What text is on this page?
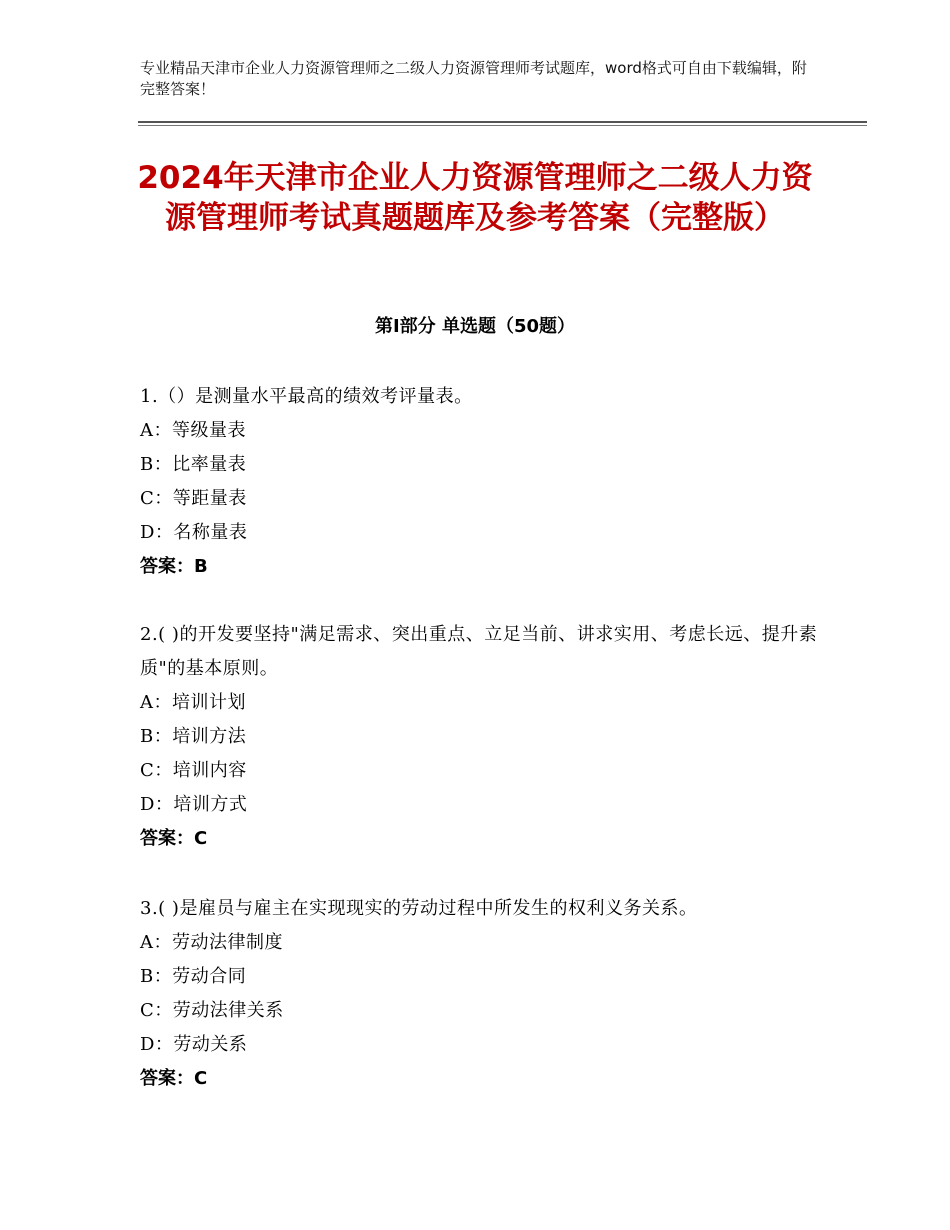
专业精品天津市企业人力资源管理师之二级人力资源管理师考试题库，word格式可自由下载编辑，附完整答案！
2024年天津市企业人力资源管理师之二级人力资源管理师考试真题题库及参考答案（完整版）
第Ⅰ部分 单选题（50题）
1.（）是测量水平最高的绩效考评量表。
A：等级量表
B：比率量表
C：等距量表
D：名称量表
答案：B
2.( )的开发要坚持"满足需求、突出重点、立足当前、讲求实用、考虑长远、提升素质"的基本原则。
A：培训计划
B：培训方法
C：培训内容
D：培训方式
答案：C
3.( )是雇员与雇主在实现现实的劳动过程中所发生的权利义务关系。
A：劳动法律制度
B：劳动合同
C：劳动法律关系
D：劳动关系
答案：C
